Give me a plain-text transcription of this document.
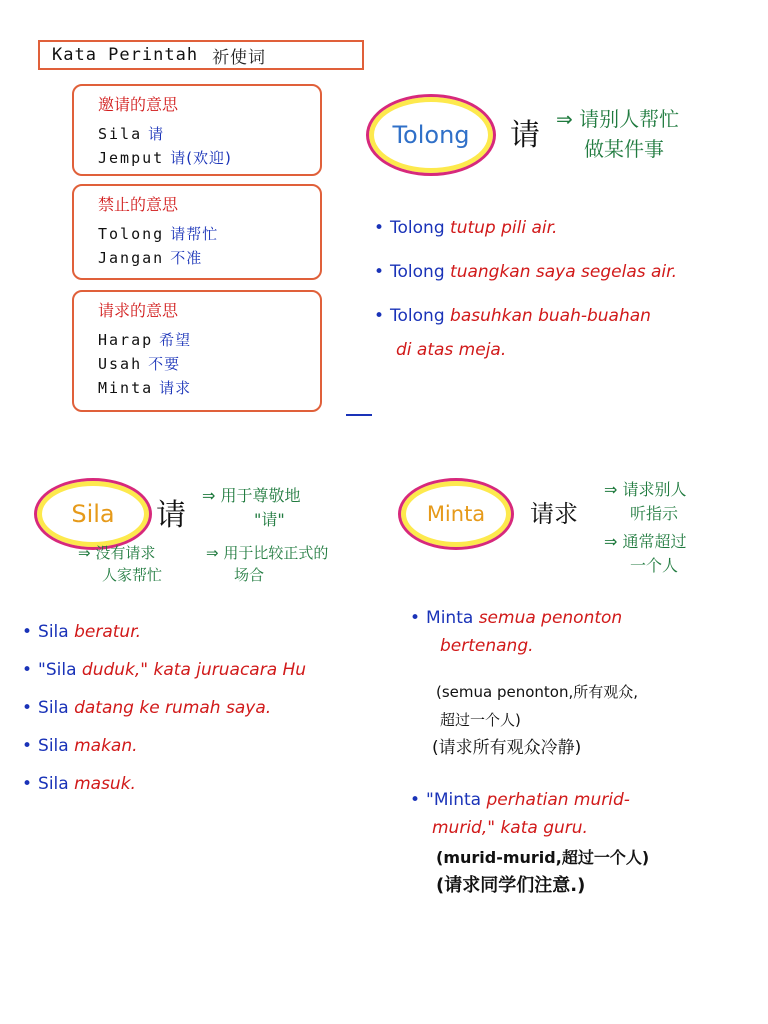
Kata Perintah 祈使词
邀请的意思
Sila 请
Jemput 请(欢迎)
禁止的意思
Tolong 请帮忙
Jangan 不准
请求的意思
Harap 希望
Usah 不要
Minta 请求
Tolong 请 ⇒ 请别人帮忙
做某件事
• Tolong tutup pili air.
• Tolong tuangkan saya segelas air.
• Tolong basuhkan buah-buahan
di atas meja.
Sila 请
⇒ 用于尊敬地
"请"
⇒ 没有请求
人家帮忙
⇒ 用于比较正式的
场合
• Sila beratur.
• "Sila duduk," kata juruacara Hu
• Sila datang ke rumah saya.
• Sila makan.
• Sila masuk.
Minta 请求
⇒ 请求别人
听指示
⇒ 通常超过
一个人
• Minta semua penonton
bertenang.
(semua penonton,所有观众,
超过一个人)
(请求所有观众冷静)
• "Minta perhatian murid-
murid," kata guru.
(murid-murid,超过一个人)
(请求同学们注意.)
